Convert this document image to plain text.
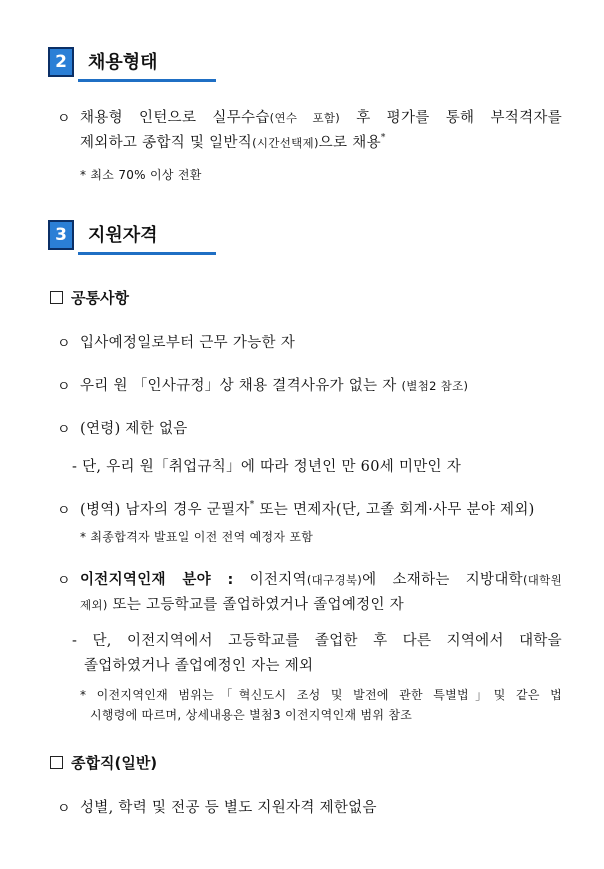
2	채용형태
ㅇ 채용형 인턴으로 실무수습(연수 포함) 후 평가를 통해 부적격자를
제외하고 종합직 및 일반직(시간선택제)으로 채용*
* 최소 70% 이상 전환
3	지원자격
공통사항
ㅇ 입사예정일로부터 근무 가능한 자
ㅇ 우리 원 「인사규정」상 채용 결격사유가 없는 자 (별첨2 참조)
ㅇ (연령) 제한 없음
- 단, 우리 원「취업규칙」에 따라 정년인 만 60세 미만인 자
ㅇ (병역) 남자의 경우 군필자* 또는 면제자(단, 고졸 회계·사무 분야 제외)
* 최종합격자 발표일 이전 전역 예정자 포함
ㅇ 이전지역인재 분야 : 이전지역(대구경북)에 소재하는 지방대학(대학원
제외) 또는 고등학교를 졸업하였거나 졸업예정인 자
- 단, 이전지역에서 고등학교를 졸업한 후 다른 지역에서 대학을
졸업하였거나 졸업예정인 자는 제외
* 이전지역인재 범위는「혁신도시 조성 및 발전에 관한 특별법」및 같은 법
시행령에 따르며, 상세내용은 별첨3 이전지역인재 범위 참조
종합직(일반)
ㅇ 성별, 학력 및 전공 등 별도 지원자격 제한없음
